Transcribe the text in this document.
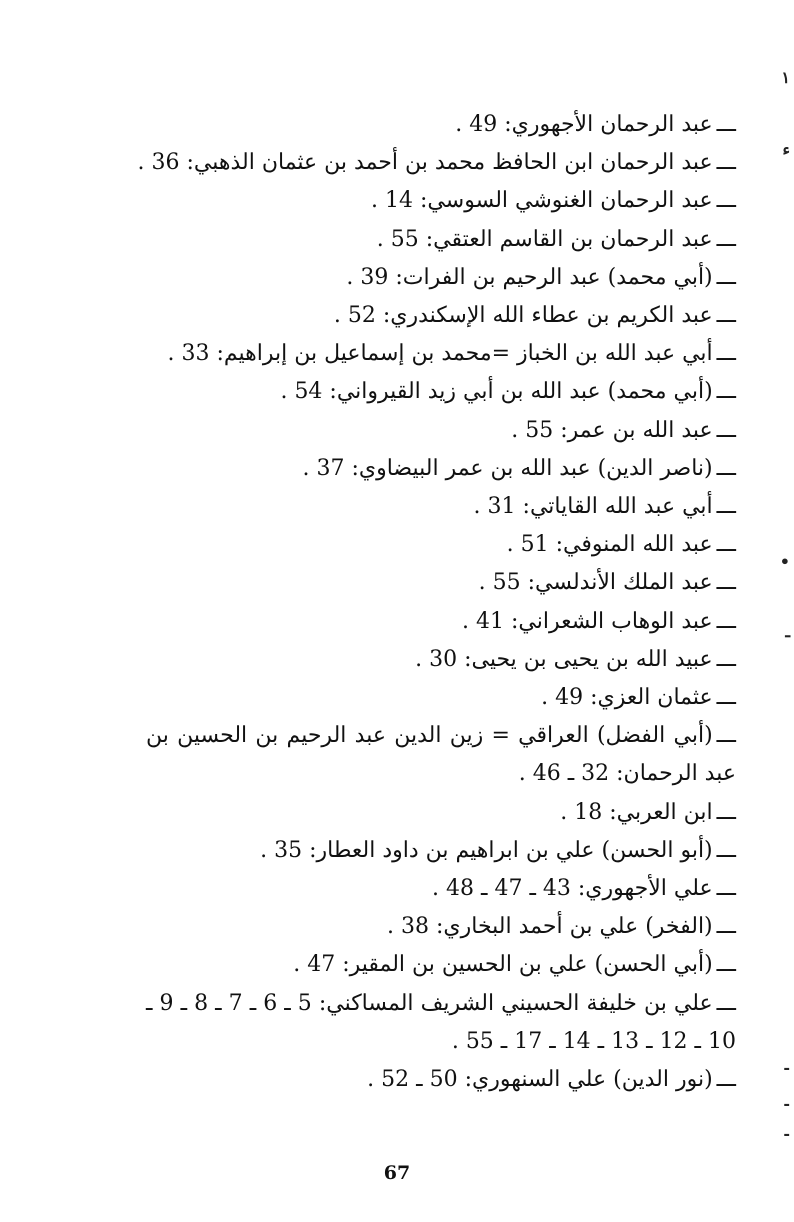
ـــعبد الرحمان الأجهوري: 49 .
ـــعبد الرحمان ابن الحافظ محمد بن أحمد بن عثمان الذهبي: 36 .
ـــعبد الرحمان الغنوشي السوسي: 14 .
ـــعبد الرحمان بن القاسم العتقي: 55 .
ـــ(أبي محمد) عبد الرحيم بن الفرات: 39 .
ـــعبد الكريم بن عطاء الله الإسكندري: 52 .
ـــأبي عبد الله بن الخباز =محمد بن إسماعيل بن إبراهيم: 33 .
ـــ(أبي محمد) عبد الله بن أبي زيد القيرواني: 54 .
ـــعبد الله بن عمر: 55 .
ـــ(ناصر الدين) عبد الله بن عمر البيضاوي: 37 .
ـــأبي عبد الله القاياتي: 31 .
ـــعبد الله المنوفي: 51 .
ـــعبد الملك الأندلسي: 55 .
ـــعبد الوهاب الشعراني: 41 .
ـــعبيد الله بن يحيى بن يحيى: 30 .
ـــعثمان العزي: 49 .
ـــ(أبي الفضل) العراقي = زين الدين عبد الرحيم بن الحسين بن عبد الرحمان: 32 ـ 46 .
ـــابن العربي: 18 .
ـــ(أبو الحسن) علي بن ابراهيم بن داود العطار: 35 .
ـــعلي الأجهوري: 43 ـ 47 ـ 48 .
ـــ(الفخر) علي بن أحمد البخاري: 38 .
ـــ(أبي الحسن) علي بن الحسين بن المقير: 47 .
ـــعلي بن خليفة الحسيني الشريف المساكني: 5 ـ 6 ـ 7 ـ 8 ـ 9 ـ 10 ـ 12 ـ 13 ـ 14 ـ 17 ـ 55 .
ـــ(نور الدين) علي السنهوري: 50 ـ 52 .
١
ء
•
ـ
-
-
-
67
